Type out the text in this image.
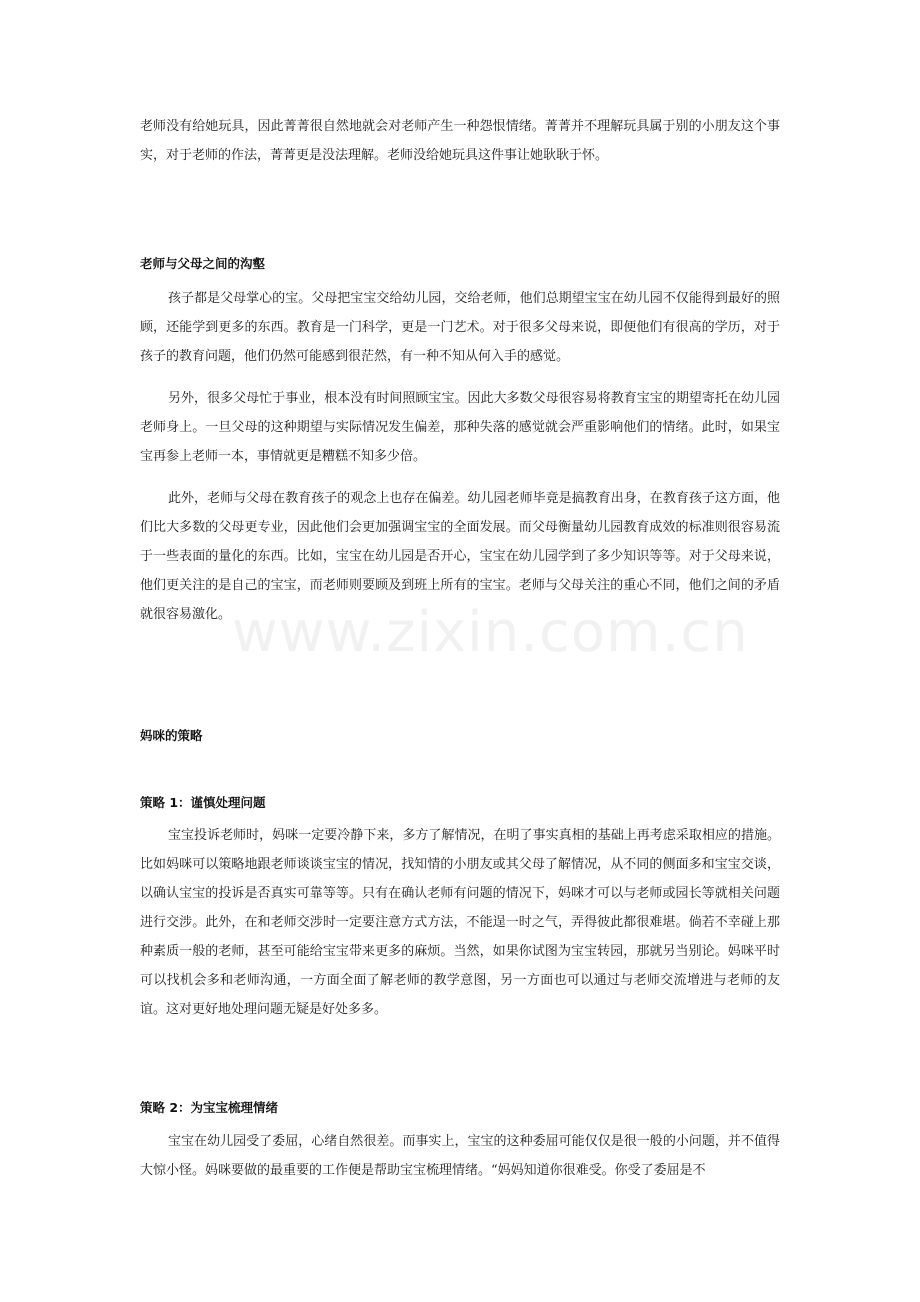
老师没有给她玩具，因此菁菁很自然地就会对老师产生一种怨恨情绪。菁菁并不理解玩具属于别的小朋友这个事实，对于老师的作法，菁菁更是没法理解。老师没给她玩具这件事让她耿耿于怀。

老师与父母之间的沟壑

孩子都是父母掌心的宝。父母把宝宝交给幼儿园，交给老师，他们总期望宝宝在幼儿园不仅能得到最好的照顾，还能学到更多的东西。教育是一门科学，更是一门艺术。对于很多父母来说，即便他们有很高的学历，对于孩子的教育问题，他们仍然可能感到很茫然，有一种不知从何入手的感觉。

另外，很多父母忙于事业，根本没有时间照顾宝宝。因此大多数父母很容易将教育宝宝的期望寄托在幼儿园老师身上。一旦父母的这种期望与实际情况发生偏差，那种失落的感觉就会严重影响他们的情绪。此时，如果宝宝再参上老师一本，事情就更是糟糕不知多少倍。

此外，老师与父母在教育孩子的观念上也存在偏差。幼儿园老师毕竟是搞教育出身，在教育孩子这方面，他们比大多数的父母更专业，因此他们会更加强调宝宝的全面发展。而父母衡量幼儿园教育成效的标准则很容易流于一些表面的量化的东西。比如，宝宝在幼儿园是否开心，宝宝在幼儿园学到了多少知识等等。对于父母来说，他们更关注的是自己的宝宝，而老师则要顾及到班上所有的宝宝。老师与父母关注的重心不同，他们之间的矛盾就很容易激化。

妈咪的策略
策略 1：谨慎处理问题

宝宝投诉老师时，妈咪一定要冷静下来，多方了解情况，在明了事实真相的基础上再考虑采取相应的措施。比如妈咪可以策略地跟老师谈谈宝宝的情况，找知情的小朋友或其父母了解情况，从不同的侧面多和宝宝交谈，以确认宝宝的投诉是否真实可靠等等。只有在确认老师有问题的情况下，妈咪才可以与老师或园长等就相关问题进行交涉。此外，在和老师交涉时一定要注意方式方法，不能逞一时之气，弄得彼此都很难堪。倘若不幸碰上那种素质一般的老师，甚至可能给宝宝带来更多的麻烦。当然，如果你试图为宝宝转园，那就另当别论。妈咪平时可以找机会多和老师沟通，一方面全面了解老师的教学意图，另一方面也可以通过与老师交流增进与老师的友谊。这对更好地处理问题无疑是好处多多。

策略 2：为宝宝梳理情绪

宝宝在幼儿园受了委屈，心绪自然很差。而事实上，宝宝的这种委屈可能仅仅是很一般的小问题，并不值得大惊小怪。妈咪要做的最重要的工作便是帮助宝宝梳理情绪。“妈妈知道你很难受。你受了委屈是不

www.zixin.com.cn
